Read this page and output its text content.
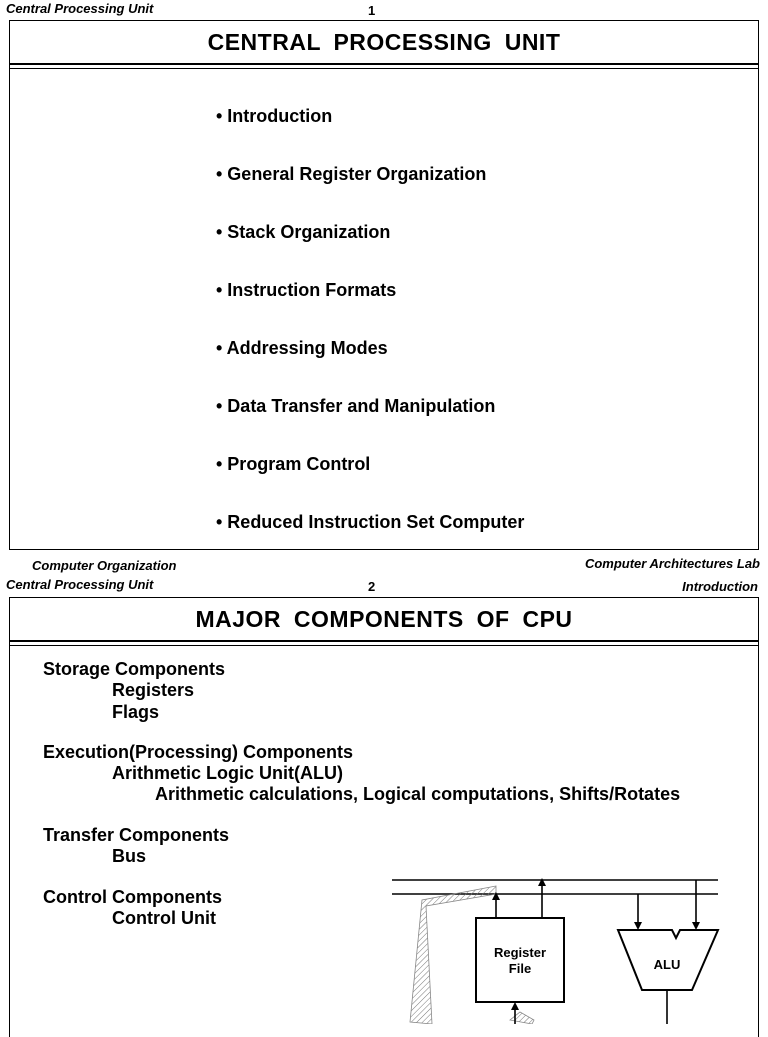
Central Processing Unit	1
CENTRAL PROCESSING UNIT
• Introduction
• General Register Organization
• Stack Organization
• Instruction Formats
• Addressing Modes
• Data Transfer and Manipulation
• Program Control
• Reduced Instruction Set Computer
Computer Organization	Computer Architectures Lab
Central Processing Unit	2	Introduction
MAJOR COMPONENTS OF CPU
Storage Components
Registers
Flags
Execution(Processing) Components
Arithmetic Logic Unit(ALU)
Arithmetic calculations, Logical computations, Shifts/Rotates
Transfer Components
Bus
Control Components
Control Unit
Register
File	ALU
